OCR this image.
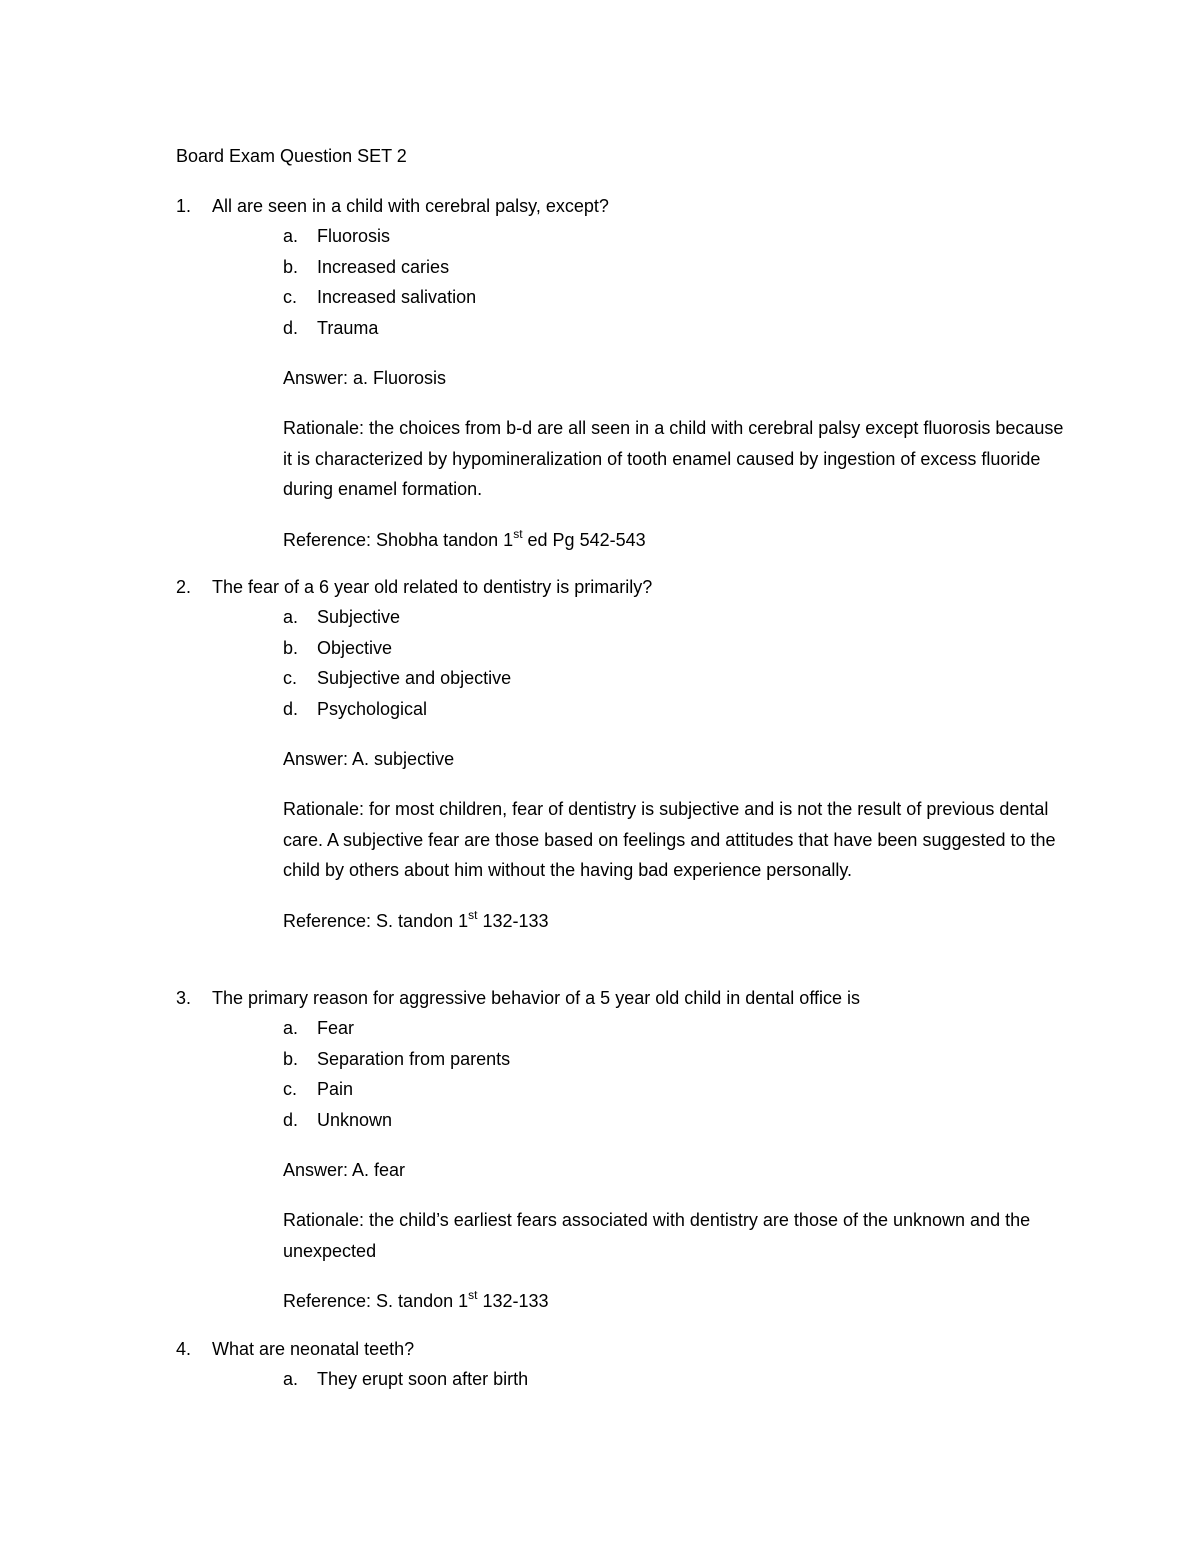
Board Exam Question SET 2
1. All are seen in a child with cerebral palsy, except?
a. Fluorosis
b. Increased caries
c. Increased salivation
d. Trauma

Answer: a. Fluorosis

Rationale: the choices from b-d are all seen in a child with cerebral palsy except fluorosis because it is characterized by hypomineralization of tooth enamel caused by ingestion of excess fluoride during enamel formation.

Reference: Shobha tandon 1st ed Pg 542-543

2. The fear of a 6 year old related to dentistry is primarily?
a. Subjective
b. Objective
c. Subjective and objective
d. Psychological

Answer: A. subjective

Rationale: for most children, fear of dentistry is subjective and is not the result of previous dental care. A subjective fear are those based on feelings and attitudes that have been suggested to the child by others about him without the having bad experience personally.

Reference: S. tandon 1st 132-133

3. The primary reason for aggressive behavior of a 5 year old child in dental office is
a. Fear
b. Separation from parents
c. Pain
d. Unknown

Answer: A. fear

Rationale: the child’s earliest fears associated with dentistry are those of the unknown and the unexpected

Reference: S. tandon 1st 132-133

4. What are neonatal teeth?
a. They erupt soon after birth
